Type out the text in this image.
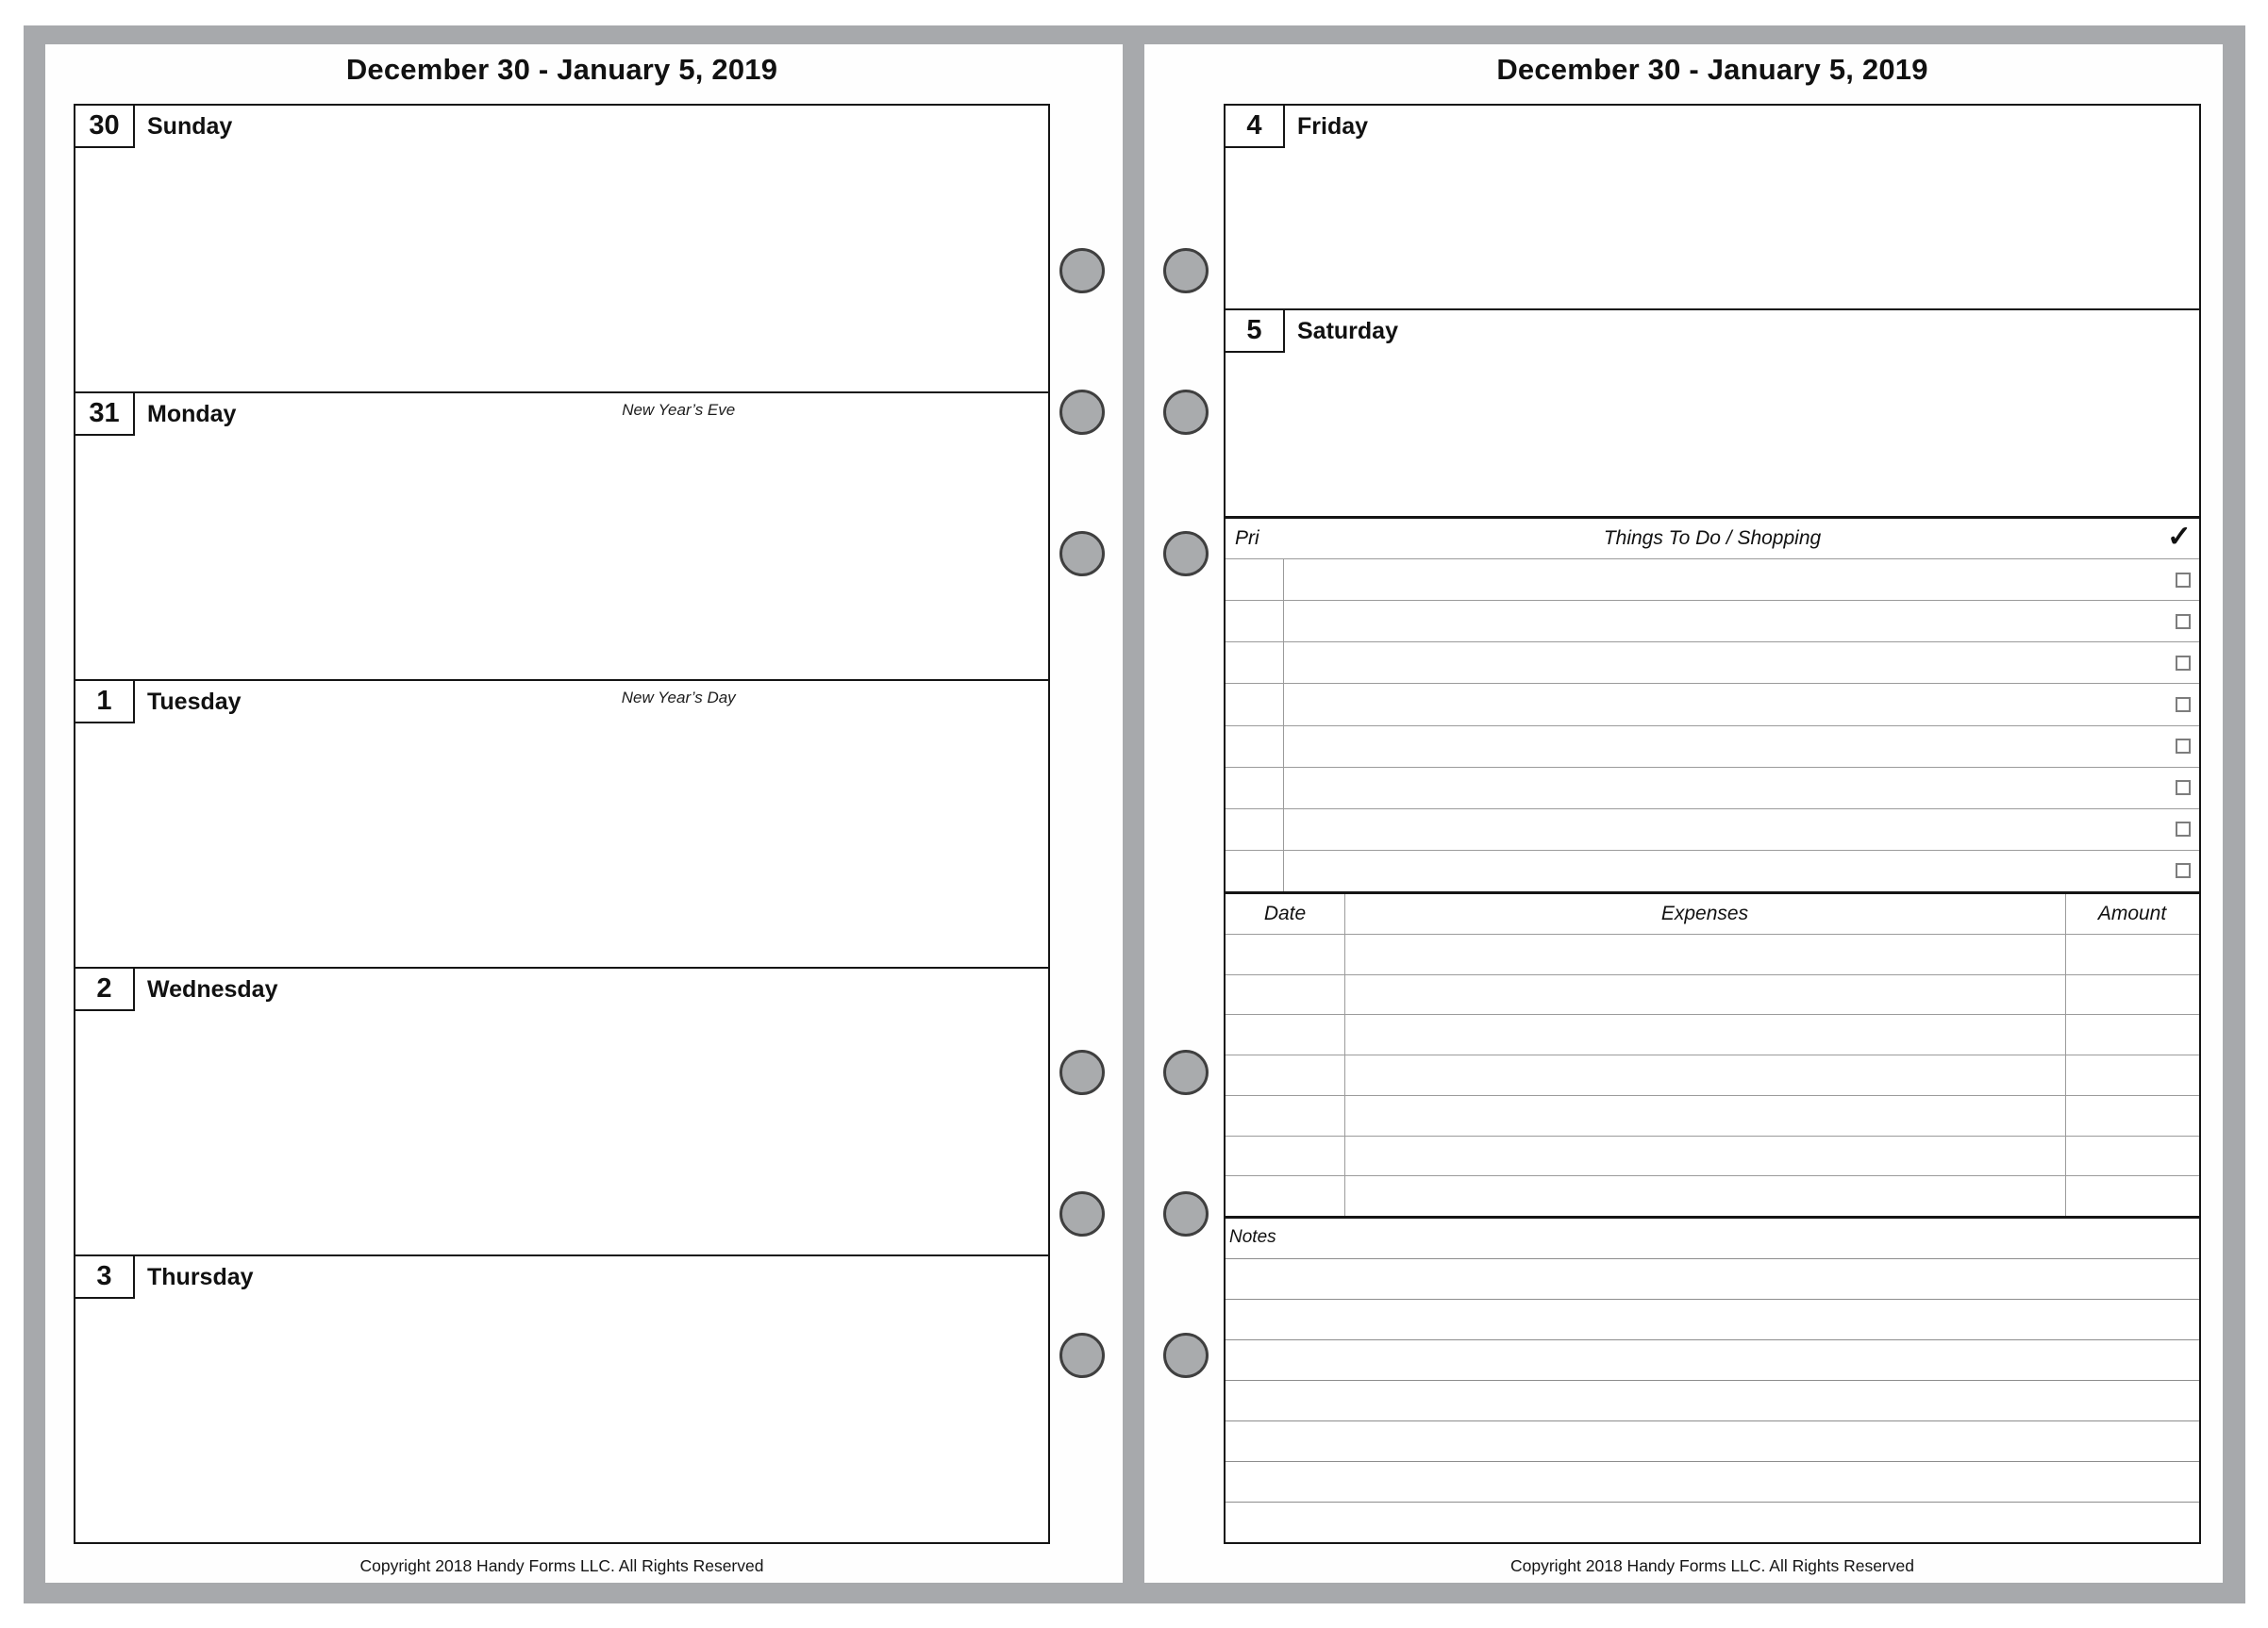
December 30 - January 5, 2019
30	Sunday
31	Monday	New Year’s Eve
1	Tuesday	New Year’s Day
2	Wednesday
3	Thursday
Copyright 2018 Handy Forms LLC. All Rights Reserved
December 30 - January 5, 2019
4	Friday
5	Saturday
Pri	Things To Do / Shopping	✓
Date	Expenses	Amount
Notes
Copyright 2018 Handy Forms LLC. All Rights Reserved
